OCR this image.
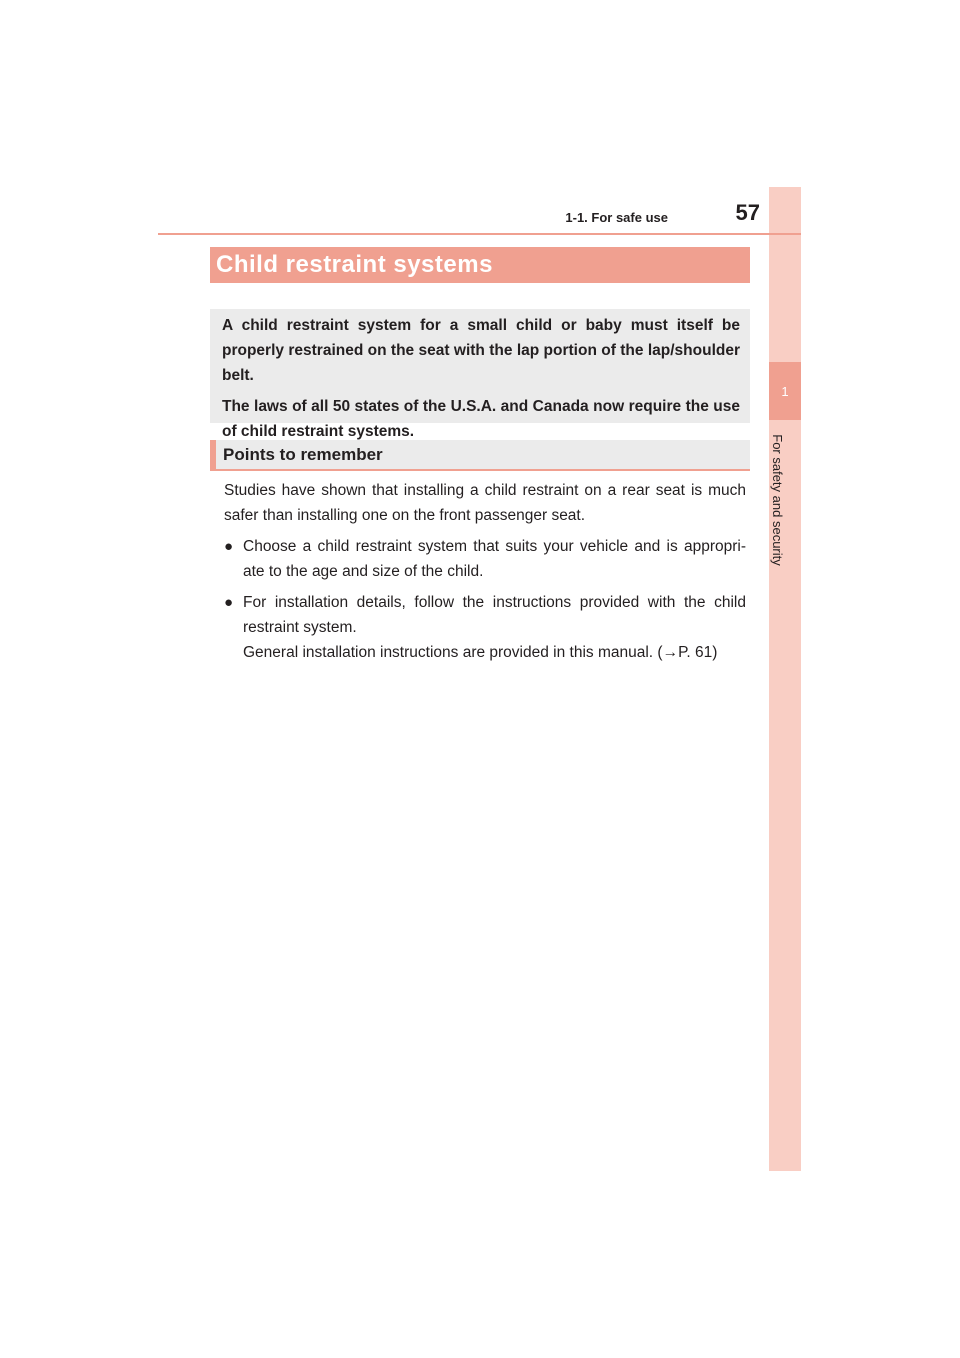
1
For safety and security
57
1-1. For safe use
Child restraint systems

A child restraint system for a small child or baby must itself be properly restrained on the seat with the lap portion of the lap/shoulder belt.

The laws of all 50 states of the U.S.A. and Canada now require the use of child restraint systems.

Points to remember

Studies have shown that installing a child restraint on a rear seat is much safer than installing one on the front passenger seat.

● Choose a child restraint system that suits your vehicle and is appropri-ate to the age and size of the child.
● For installation details, follow the instructions provided with the child restraint system.
General installation instructions are provided in this manual. (→P. 61)
